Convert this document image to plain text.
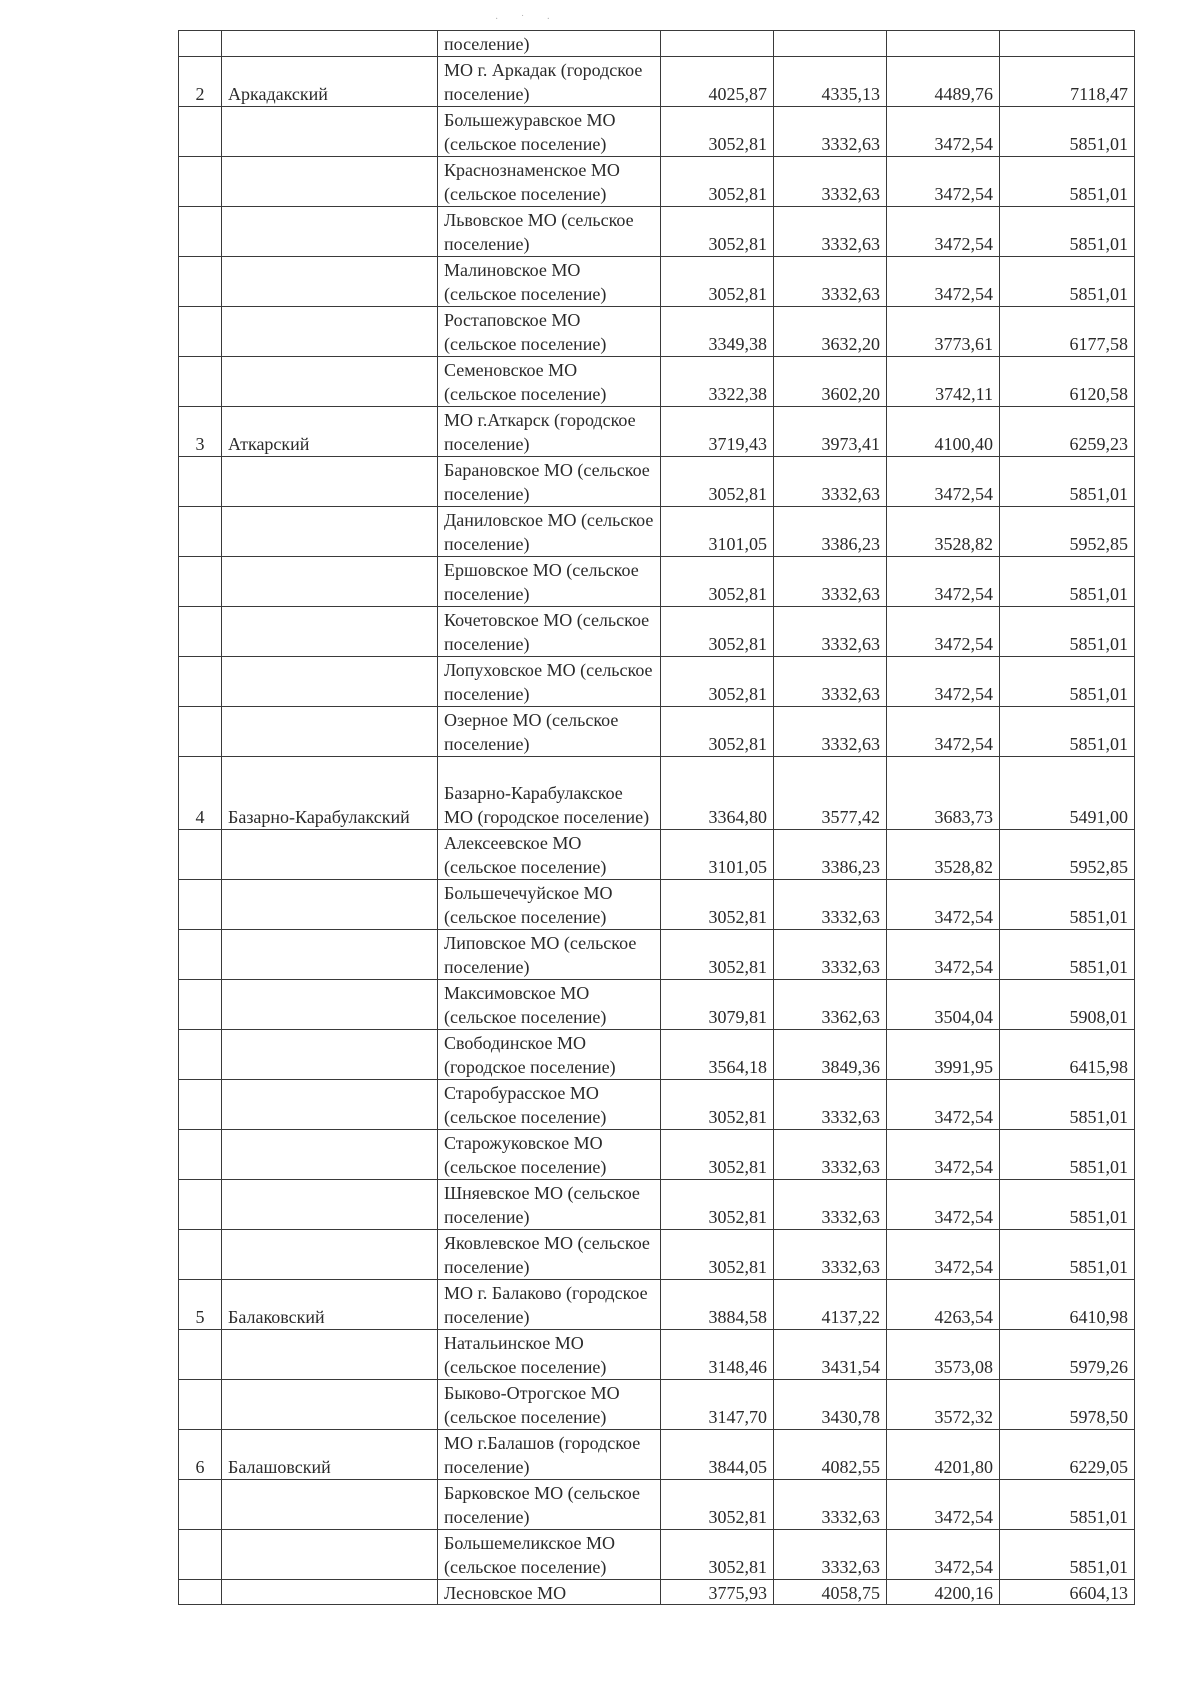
· ˙ ·
		поселение)				
2	Аркадакский	МО г. Аркадак (городское поселение)	4025,87	4335,13	4489,76	7118,47
		Большежуравское МО (сельское поселение)	3052,81	3332,63	3472,54	5851,01
		Краснознаменское МО (сельское поселение)	3052,81	3332,63	3472,54	5851,01
		Львовское МО (сельское поселение)	3052,81	3332,63	3472,54	5851,01
		Малиновское МО (сельское поселение)	3052,81	3332,63	3472,54	5851,01
		Ростаповское МО (сельское поселение)	3349,38	3632,20	3773,61	6177,58
		Семеновское МО (сельское поселение)	3322,38	3602,20	3742,11	6120,58
3	Аткарский	МО г.Аткарск (городское поселение)	3719,43	3973,41	4100,40	6259,23
		Барановское МО (сельское поселение)	3052,81	3332,63	3472,54	5851,01
		Даниловское МО (сельское поселение)	3101,05	3386,23	3528,82	5952,85
		Ершовское МО (сельское поселение)	3052,81	3332,63	3472,54	5851,01
		Кочетовское МО (сельское поселение)	3052,81	3332,63	3472,54	5851,01
		Лопуховское МО (сельское поселение)	3052,81	3332,63	3472,54	5851,01
		Озерное МО (сельское поселение)	3052,81	3332,63	3472,54	5851,01
4	Базарно-Карабулакский	Базарно-Карабулакское МО (городское поселение)	3364,80	3577,42	3683,73	5491,00
		Алексеевское МО (сельское поселение)	3101,05	3386,23	3528,82	5952,85
		Большечечуйское МО (сельское поселение)	3052,81	3332,63	3472,54	5851,01
		Липовское МО (сельское поселение)	3052,81	3332,63	3472,54	5851,01
		Максимовское МО (сельское поселение)	3079,81	3362,63	3504,04	5908,01
		Свободинское МО (городское поселение)	3564,18	3849,36	3991,95	6415,98
		Старобурасское МО (сельское поселение)	3052,81	3332,63	3472,54	5851,01
		Старожуковское МО (сельское поселение)	3052,81	3332,63	3472,54	5851,01
		Шняевское МО (сельское поселение)	3052,81	3332,63	3472,54	5851,01
		Яковлевское МО (сельское поселение)	3052,81	3332,63	3472,54	5851,01
5	Балаковский	МО г. Балаково (городское поселение)	3884,58	4137,22	4263,54	6410,98
		Натальинское МО (сельское поселение)	3148,46	3431,54	3573,08	5979,26
		Быково-Отрогское МО (сельское поселение)	3147,70	3430,78	3572,32	5978,50
6	Балашовский	МО г.Балашов (городское поселение)	3844,05	4082,55	4201,80	6229,05
		Барковское МО (сельское поселение)	3052,81	3332,63	3472,54	5851,01
		Большемеликское МО (сельское поселение)	3052,81	3332,63	3472,54	5851,01
		Лесновское МО	3775,93	4058,75	4200,16	6604,13
